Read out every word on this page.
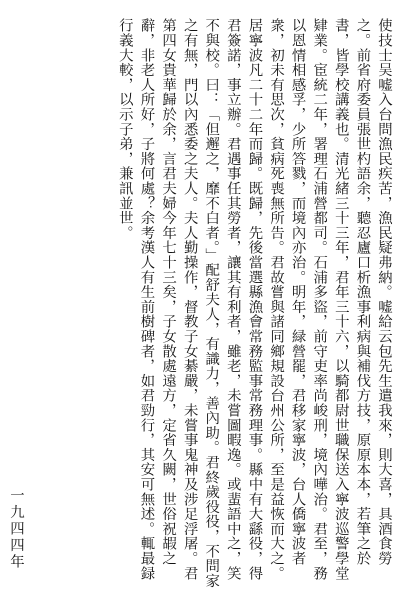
使技士吴嘘入台問漁民疾苦，漁民疑弗納。嘘給云包先生遣我來，則大喜，具酒食勞之。前省府委員張世杓語余，聽忍廬口析漁事利病與補伐方技，原原本本，若筆之於書，皆學校講義也。清光緒三十三年，君年三十六，以騎都尉世職保送入寧波巡警學堂肄業。宦統二年，署理石浦營都司。石浦多盜，前守吏率尚峻刑，境內嘩治。君至，務以恩情相感孚，少所答戮，而境內亦治。明年，緑營罷，君移家寧波，台人僑寧波者衆，初未有思次，貧病死喪無所告。君故嘗與諸同鄉規設台州公所，至是益恢而大之。居寧波凡二十二年而歸。既歸，先後當選縣漁會常務監事常務理事。縣中有大繇役，得君簽諾，事立辦。君遇事任其勞者，讓其有利者，雖老，未嘗圖暇逸。或蜚語中之，笑不與校。曰：「但邂之，靡不白者。」配舒夫人，有識力，善內助。君終歲役役，不問家之有無，門以內悉委之夫人。夫人勤操作，督教子女綦嚴，未嘗事鬼神及涉足浮屠。君第四女貴華歸於余，言君夫婦今年七十三矣，子女散處遠方，定省久闕，世俗祝嘏之辭，非老人所好，子將何處？余考漢人有生前樹碑者，如君勁行，其安可無述。輒最録行義大較，以示子弟，兼訊並世。

一九四四年
